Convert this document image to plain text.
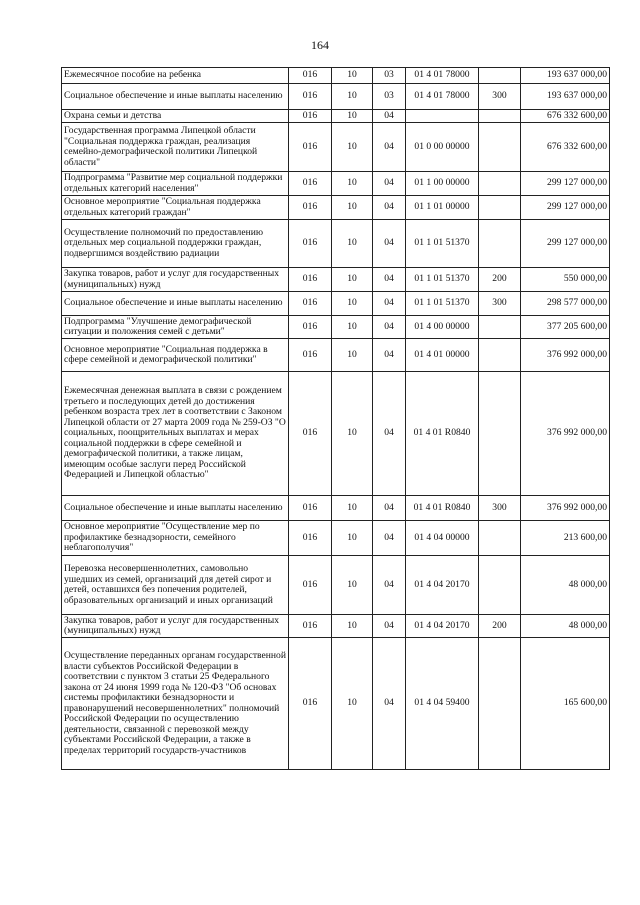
164
Ежемесячное пособие на ребенка	016	10	03	01 4 01 78000		193 637 000,00
Социальное обеспечение и иные выплаты населению	016	10	03	01 4 01 78000	300	193 637 000,00
Охрана семьи и детства	016	10	04			676 332 600,00
Государственная программа Липецкой области "Социальная поддержка граждан, реализация семейно-демографической политики Липецкой области"	016	10	04	01 0 00 00000		676 332 600,00
Подпрограмма "Развитие мер социальной поддержки отдельных категорий населения"	016	10	04	01 1 00 00000		299 127 000,00
Основное мероприятие "Социальная поддержка отдельных категорий граждан"	016	10	04	01 1 01 00000		299 127 000,00
Осуществление полномочий по предоставлению отдельных мер социальной поддержки граждан, подвергшимся воздействию радиации	016	10	04	01 1 01 51370		299 127 000,00
Закупка товаров, работ и услуг для государственных (муниципальных) нужд	016	10	04	01 1 01 51370	200	550 000,00
Социальное обеспечение и иные выплаты населению	016	10	04	01 1 01 51370	300	298 577 000,00
Подпрограмма "Улучшение демографической ситуации и положения семей с детьми"	016	10	04	01 4 00 00000		377 205 600,00
Основное мероприятие "Социальная поддержка в сфере семейной и демографической политики"	016	10	04	01 4 01 00000		376 992 000,00
Ежемесячная денежная выплата в связи с рождением третьего и последующих детей до достижения ребенком возраста трех лет в соответствии с Законом Липецкой области от 27 марта 2009 года № 259-ОЗ "О социальных, поощрительных выплатах и мерах социальной поддержки в сфере семейной и демографической политики, а также лицам, имеющим особые заслуги перед Российской Федерацией и Липецкой областью"	016	10	04	01 4 01 R0840		376 992 000,00
Социальное обеспечение и иные выплаты населению	016	10	04	01 4 01 R0840	300	376 992 000,00
Основное мероприятие "Осуществление мер по профилактике безнадзорности, семейного неблагополучия"	016	10	04	01 4 04 00000		213 600,00
Перевозка несовершеннолетних, самовольно ушедших из семей, организаций для детей сирот и детей, оставшихся без попечения родителей, образовательных организаций и иных организаций	016	10	04	01 4 04 20170		48 000,00
Закупка товаров, работ и услуг для государственных (муниципальных) нужд	016	10	04	01 4 04 20170	200	48 000,00
Осуществление переданных органам государственной власти субъектов Российской Федерации в соответствии с пунктом 3 статьи 25 Федерального закона от 24 июня 1999 года № 120-ФЗ "Об основах системы профилактики безнадзорности и правонарушений несовершеннолетних" полномочий Российской Федерации по осуществлению деятельности, связанной с перевозкой между субъектами Российской Федерации, а также в пределах территорий государств-участников	016	10	04	01 4 04 59400		165 600,00
